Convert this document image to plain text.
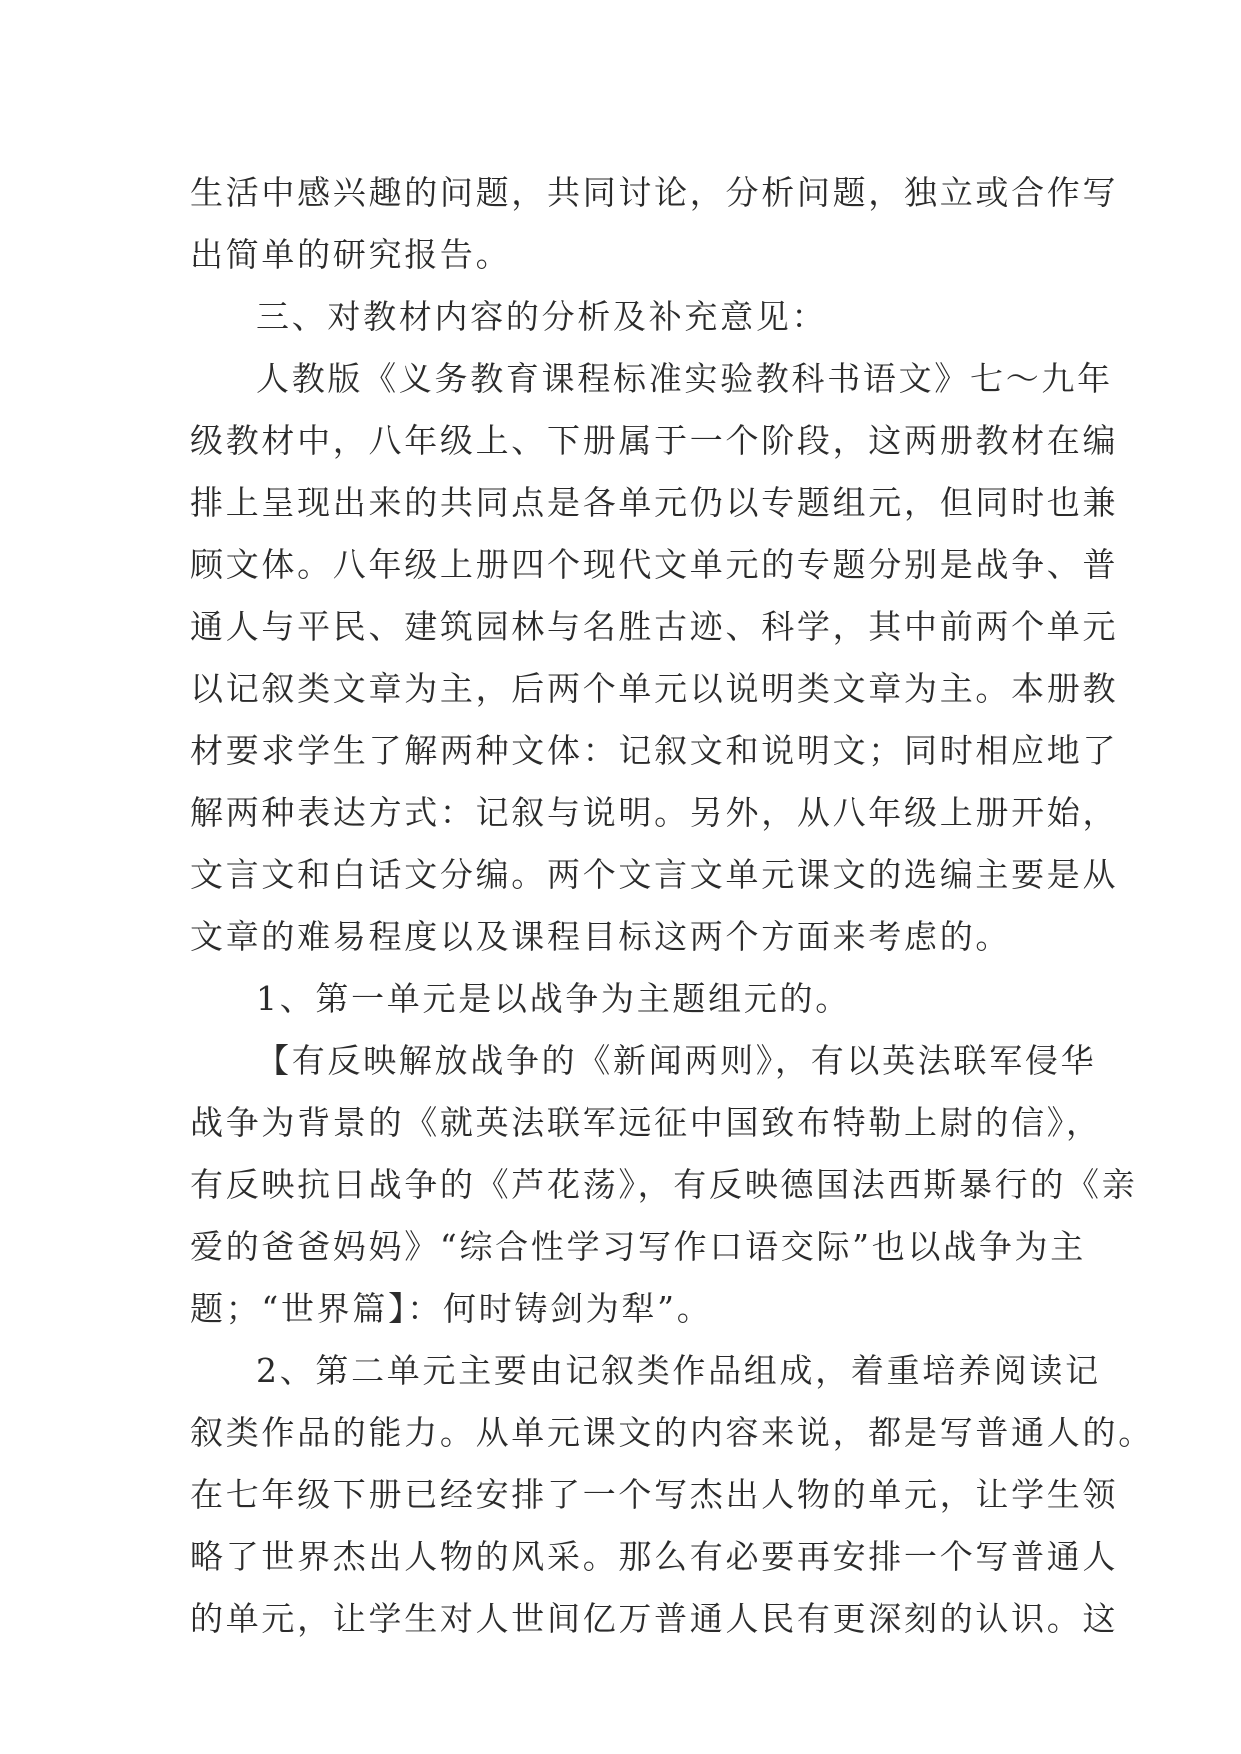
生活中感兴趣的问题，共同讨论，分析问题，独立或合作写
出简单的研究报告。
三、对教材内容的分析及补充意见：
人教版《义务教育课程标准实验教科书语文》七～九年
级教材中，八年级上、下册属于一个阶段，这两册教材在编
排上呈现出来的共同点是各单元仍以专题组元，但同时也兼
顾文体。八年级上册四个现代文单元的专题分别是战争、普
通人与平民、建筑园林与名胜古迹、科学，其中前两个单元
以记叙类文章为主，后两个单元以说明类文章为主。本册教
材要求学生了解两种文体：记叙文和说明文；同时相应地了
解两种表达方式：记叙与说明。另外，从八年级上册开始，
文言文和白话文分编。两个文言文单元课文的选编主要是从
文章的难易程度以及课程目标这两个方面来考虑的。
1、第一单元是以战争为主题组元的。
【有反映解放战争的《新闻两则》，有以英法联军侵华
战争为背景的《就英法联军远征中国致布特勒上尉的信》，
有反映抗日战争的《芦花荡》，有反映德国法西斯暴行的《亲
爱的爸爸妈妈》“综合性学习写作口语交际”也以战争为主
题；“世界篇】：何时铸剑为犁”。
2、第二单元主要由记叙类作品组成，着重培养阅读记
叙类作品的能力。从单元课文的内容来说，都是写普通人的。
在七年级下册已经安排了一个写杰出人物的单元，让学生领
略了世界杰出人物的风采。那么有必要再安排一个写普通人
的单元，让学生对人世间亿万普通人民有更深刻的认识。这
